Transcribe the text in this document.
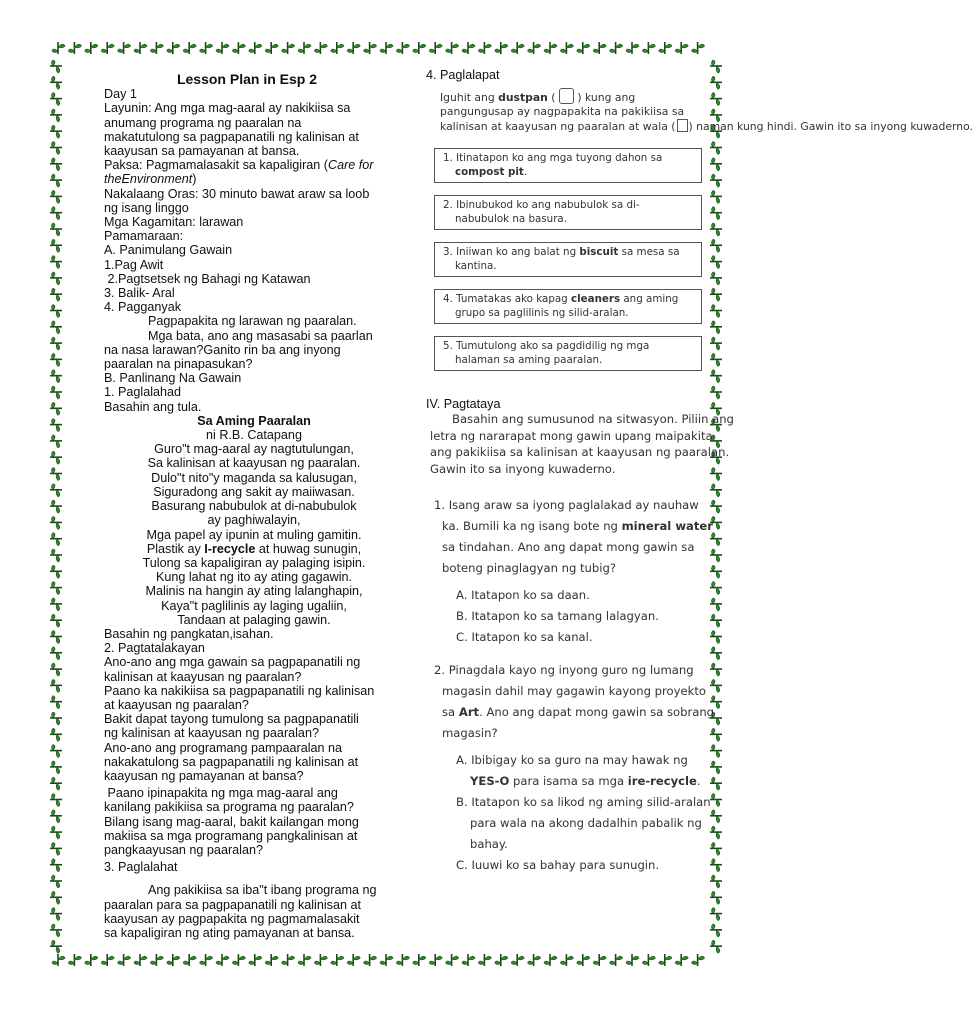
Lesson Plan in Esp 2
Day 1
Layunin: Ang mga mag-aaral ay nakikiisa sa
anumang programa ng paaralan na
makatutulong sa pagpapanatili ng kalinisan at
kaayusan sa pamayanan at bansa.
Paksa: Pagmamalasakit sa kapaligiran (Care for
theEnvironment)
Nakalaang Oras: 30 minuto bawat araw sa loob
ng isang linggo
Mga Kagamitan: larawan
Pamamaraan:
A. Panimulang Gawain
1.Pag Awit
2.Pagtsetsek ng Bahagi ng Katawan
3. Balik- Aral
4. Pagganyak
Pagpapakita ng larawan ng paaralan.
Mga bata, ano ang masasabi sa paarlan
na nasa larawan?Ganito rin ba ang inyong
paaralan na pinapasukan?
B. Panlinang Na Gawain
1. Paglalahad
Basahin ang tula.
Sa Aming Paaralan
ni R.B. Catapang
Guro"t mag-aaral ay nagtutulungan,
Sa kalinisan at kaayusan ng paaralan.
Dulo"t nito"y maganda sa kalusugan,
Siguradong ang sakit ay maiiwasan.
Basurang nabubulok at di-nabubulok
ay paghiwalayin,
Mga papel ay ipunin at muling gamitin.
Plastik ay I-recycle at huwag sunugin,
Tulong sa kapaligiran ay palaging isipin.
Kung lahat ng ito ay ating gagawin.
Malinis na hangin ay ating lalanghapin,
Kaya"t paglilinis ay laging ugaliin,
Tandaan at palaging gawin.
Basahin ng pangkatan,isahan.
2. Pagtatalakayan
Ano-ano ang mga gawain sa pagpapanatili ng
kalinisan at kaayusan ng paaralan?
Paano ka nakikiisa sa pagpapanatili ng kalinisan
at kaayusan ng paaralan?
Bakit dapat tayong tumulong sa pagpapanatili
ng kalinisan at kaayusan ng paaralan?
Ano-ano ang programang pampaaralan na
nakakatulong sa pagpapanatili ng kalinisan at
kaayusan ng pamayanan at bansa?
Paano ipinapakita ng mga mag-aaral ang
kanilang pakikiisa sa programa ng paaralan?
Bilang isang mag-aaral, bakit kailangan mong
makiisa sa mga programang pangkalinisan at
pangkaayusan ng paaralan?
3. Paglalahat
Ang pakikiisa sa iba"t ibang programa ng
paaralan para sa pagpapanatili ng kalinisan at
kaayusan ay pagpapakita ng pagmamalasakit
sa kapaligiran ng ating pamayanan at bansa.
4. Paglalapat
Iguhit ang dustpan (  ) kung ang
pangungusap ay nagpapakita na pakikiisa sa
kalinisan at kaayusan ng paaralan at wala ( ) naman kung hindi. Gawin ito sa inyong kuwaderno.
1. Itinatapon ko ang mga tuyong dahon sa
compost pit.
2. Ibinubukod ko ang nabubulok sa di-
nabubulok na basura.
3. Iniiwan ko ang balat ng biscuit sa mesa sa
kantina.
4. Tumatakas ako kapag cleaners ang aming
grupo sa paglilinis ng silid-aralan.
5. Tumutulong ako sa pagdidilig ng mga
halaman sa aming paaralan.
IV. Pagtataya
Basahin ang sumusunod na sitwasyon. Piliin ang
letra ng nararapat mong gawin upang maipakita
ang pakikiisa sa kalinisan at kaayusan ng paaralan.
Gawin ito sa inyong kuwaderno.
1. Isang araw sa iyong paglalakad ay nauhaw
ka. Bumili ka ng isang bote ng mineral water
sa tindahan. Ano ang dapat mong gawin sa
boteng pinaglagyan ng tubig?
A. Itatapon ko sa daan.
B. Itatapon ko sa tamang lalagyan.
C. Itatapon ko sa kanal.
2. Pinagdala kayo ng inyong guro ng lumang
magasin dahil may gagawin kayong proyekto
sa Art. Ano ang dapat mong gawin sa sobrang
magasin?
A. Ibibigay ko sa guro na may hawak ng
YES-O para isama sa mga ire-recycle.
B. Itatapon ko sa likod ng aming silid-aralan
para wala na akong dadalhin pabalik ng
bahay.
C. Iuuwi ko sa bahay para sunugin.
